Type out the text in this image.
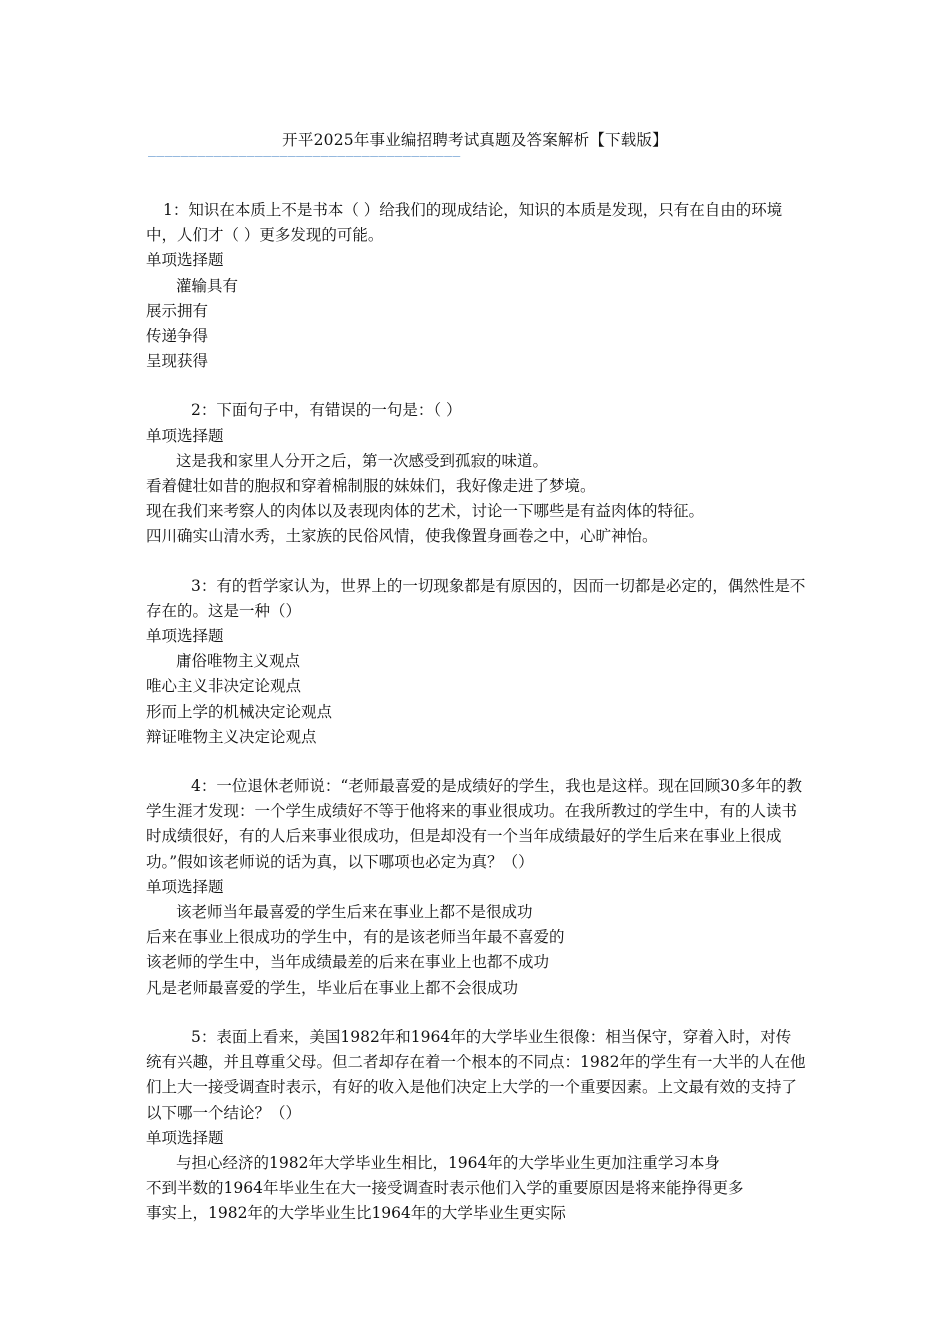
开平2025年事业编招聘考试真题及答案解析【下载版】
——————————————————————————————————————

1：知识在本质上不是书本（ ）给我们的现成结论，知识的本质是发现，只有在自由的环境中，人们才（ ）更多发现的可能。

单项选择题

灌输具有

展示拥有

传递争得

呈现获得

2：下面句子中，有错误的一句是：（ ）

单项选择题

这是我和家里人分开之后，第一次感受到孤寂的味道。

看着健壮如昔的胞叔和穿着棉制服的妹妹们，我好像走进了梦境。

现在我们来考察人的肉体以及表现肉体的艺术，讨论一下哪些是有益肉体的特征。

四川确实山清水秀，土家族的民俗风情，使我像置身画卷之中，心旷神怡。

3：有的哲学家认为，世界上的一切现象都是有原因的，因而一切都是必定的，偶然性是不存在的。这是一种（）

单项选择题

庸俗唯物主义观点

唯心主义非决定论观点

形而上学的机械决定论观点

辩证唯物主义决定论观点

4：一位退休老师说：“老师最喜爱的是成绩好的学生，我也是这样。现在回顾30多年的教学生涯才发现：一个学生成绩好不等于他将来的事业很成功。在我所教过的学生中，有的人读书时成绩很好，有的人后来事业很成功，但是却没有一个当年成绩最好的学生后来在事业上很成功。”假如该老师说的话为真，以下哪项也必定为真？（）

单项选择题

该老师当年最喜爱的学生后来在事业上都不是很成功

后来在事业上很成功的学生中，有的是该老师当年最不喜爱的

该老师的学生中，当年成绩最差的后来在事业上也都不成功

凡是老师最喜爱的学生，毕业后在事业上都不会很成功

5：表面上看来，美国1982年和1964年的大学毕业生很像：相当保守，穿着入时，对传统有兴趣，并且尊重父母。但二者却存在着一个根本的不同点：1982年的学生有一大半的人在他们上大一接受调查时表示，有好的收入是他们决定上大学的一个重要因素。上文最有效的支持了以下哪一个结论？（）

单项选择题

与担心经济的1982年大学毕业生相比，1964年的大学毕业生更加注重学习本身

不到半数的1964年毕业生在大一接受调查时表示他们入学的重要原因是将来能挣得更多

事实上，1982年的大学毕业生比1964年的大学毕业生更实际
